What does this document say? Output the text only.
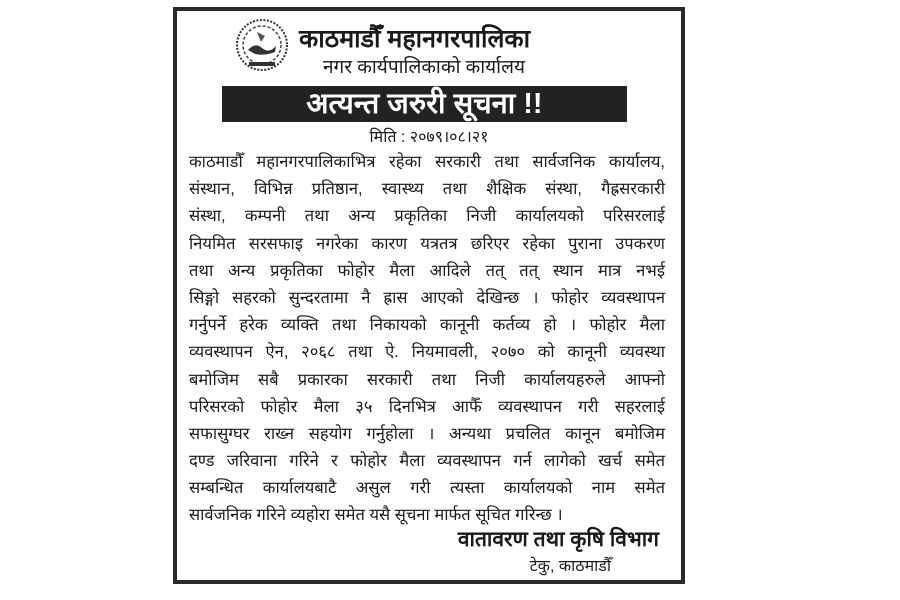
काठमाडौँ महानगरपालिका
नगर कार्यपालिकाको कार्यालय
अत्यन्त जरुरी सूचना !!
मिति : २०७९।०८।२१
काठमाडौँ महानगरपालिकाभित्र रहेका सरकारी तथा सार्वजनिक कार्यालय,
संस्थान, विभिन्न प्रतिष्ठान, स्वास्थ्य तथा शैक्षिक संस्था, गैह्रसरकारी
संस्था, कम्पनी तथा अन्य प्रकृतिका निजी कार्यालयको परिसरलाई
नियमित सरसफाइ नगरेका कारण यत्रतत्र छरिएर रहेका पुराना उपकरण
तथा अन्य प्रकृतिका फोहोर मैला आदिले तत् तत् स्थान मात्र नभई
सिङ्गो सहरको सुन्दरतामा नै ह्रास आएको देखिन्छ । फोहोर व्यवस्थापन
गर्नुपर्ने हरेक व्यक्ति तथा निकायको कानूनी कर्तव्य हो । फोहोर मैला
व्यवस्थापन ऐन, २०६८ तथा ऐ. नियमावली, २०७० को कानूनी व्यवस्था
बमोजिम सबै प्रकारका सरकारी तथा निजी कार्यालयहरुले आफ्नो
परिसरको फोहोर मैला ३५ दिनभित्र आफैँ व्यवस्थापन गरी सहरलाई
सफासुग्घर राख्न सहयोग गर्नुहोला । अन्यथा प्रचलित कानून बमोजिम
दण्ड जरिवाना गरिने र फोहोर मैला व्यवस्थापन गर्न लागेको खर्च समेत
सम्बन्धित कार्यालयबाटै असुल गरी त्यस्ता कार्यालयको नाम समेत
सार्वजनिक गरिने व्यहोरा समेत यसै सूचना मार्फत सूचित गरिन्छ ।
वातावरण तथा कृषि विभाग
टेकु, काठमाडौँ
